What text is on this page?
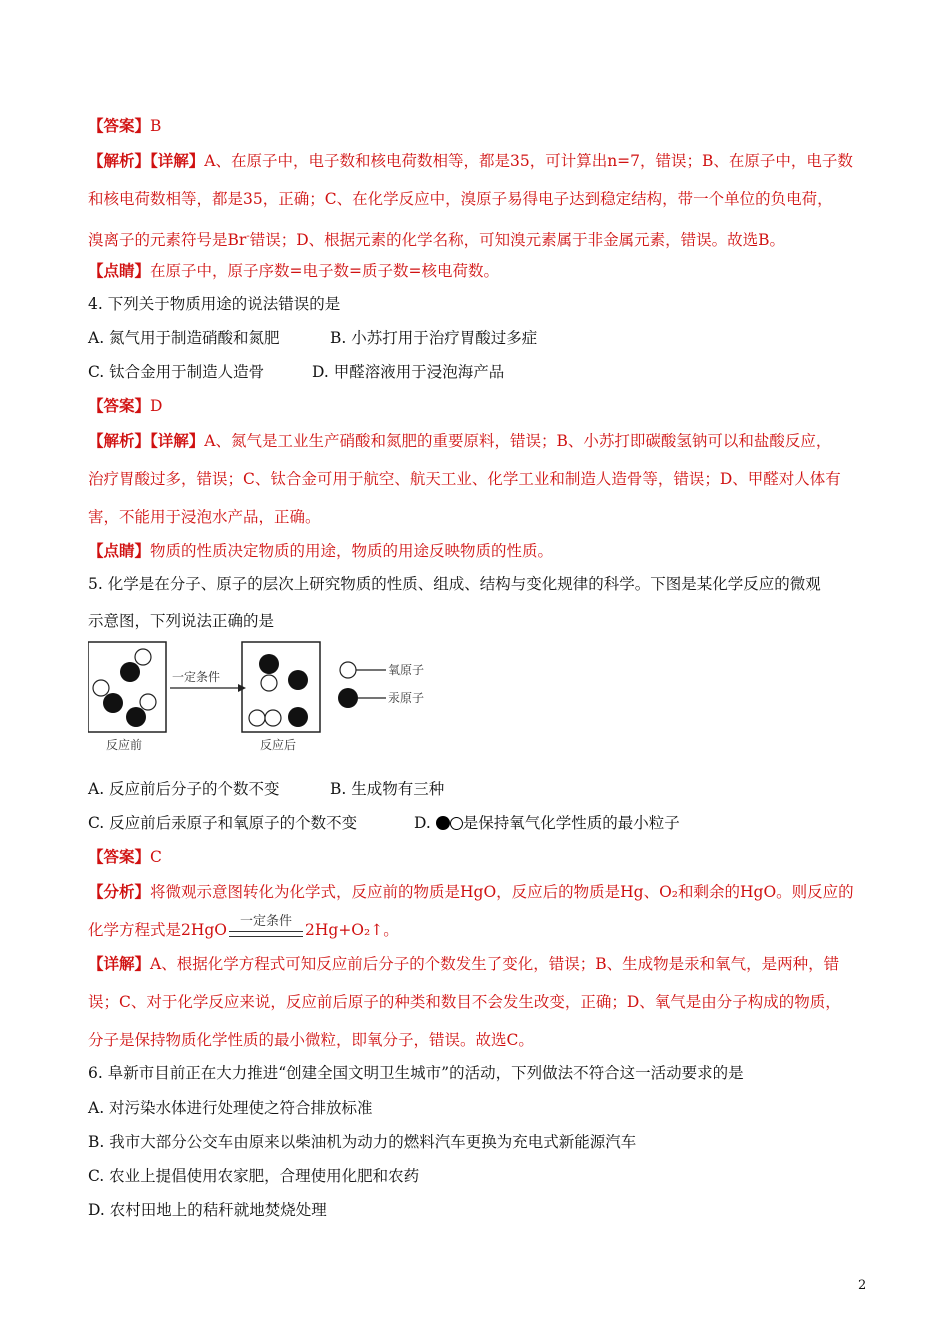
【答案】B
【解析】【详解】A、在原子中，电子数和核电荷数相等，都是35，可计算出n=7，错误；B、在原子中，电子数
和核电荷数相等，都是35，正确；C、在化学反应中，溴原子易得电子达到稳定结构，带一个单位的负电荷，
溴离子的元素符号是Br-错误；D、根据元素的化学名称，可知溴元素属于非金属元素，错误。故选B。
【点睛】在原子中，原子序数=电子数=质子数=核电荷数。
4. 下列关于物质用途的说法错误的是
A. 氮气用于制造硝酸和氮肥	B. 小苏打用于治疗胃酸过多症
C. 钛合金用于制造人造骨	D. 甲醛溶液用于浸泡海产品
【答案】D
【解析】【详解】A、氮气是工业生产硝酸和氮肥的重要原料，错误；B、小苏打即碳酸氢钠可以和盐酸反应，
治疗胃酸过多，错误；C、钛合金可用于航空、航天工业、化学工业和制造人造骨等，错误；D、甲醛对人体有
害，不能用于浸泡水产品，正确。
【点睛】物质的性质决定物质的用途，物质的用途反映物质的性质。
5. 化学是在分子、原子的层次上研究物质的性质、组成、结构与变化规律的科学。下图是某化学反应的微观
示意图，下列说法正确的是
反应前
一定条件
反应后
氧原子
汞原子
A. 反应前后分子的个数不变	B. 生成物有三种
C. 反应前后汞原子和氧原子的个数不变	D. 是保持氧气化学性质的最小粒子
【答案】C
【分析】将微观示意图转化为化学式，反应前的物质是HgO，反应后的物质是Hg、O₂和剩余的HgO。则反应的
化学方程式是2HgO 一定条件 2Hg+O₂↑。
【详解】A、根据化学方程式可知反应前后分子的个数发生了变化，错误；B、生成物是汞和氧气，是两种，错
误；C、对于化学反应来说，反应前后原子的种类和数目不会发生改变，正确；D、氧气是由分子构成的物质，
分子是保持物质化学性质的最小微粒，即氧分子，错误。故选C。
6. 阜新市目前正在大力推进“创建全国文明卫生城市”的活动，下列做法不符合这一活动要求的是
A. 对污染水体进行处理使之符合排放标准
B. 我市大部分公交车由原来以柴油机为动力的燃料汽车更换为充电式新能源汽车
C. 农业上提倡使用农家肥，合理使用化肥和农药
D. 农村田地上的秸秆就地焚烧处理
2
